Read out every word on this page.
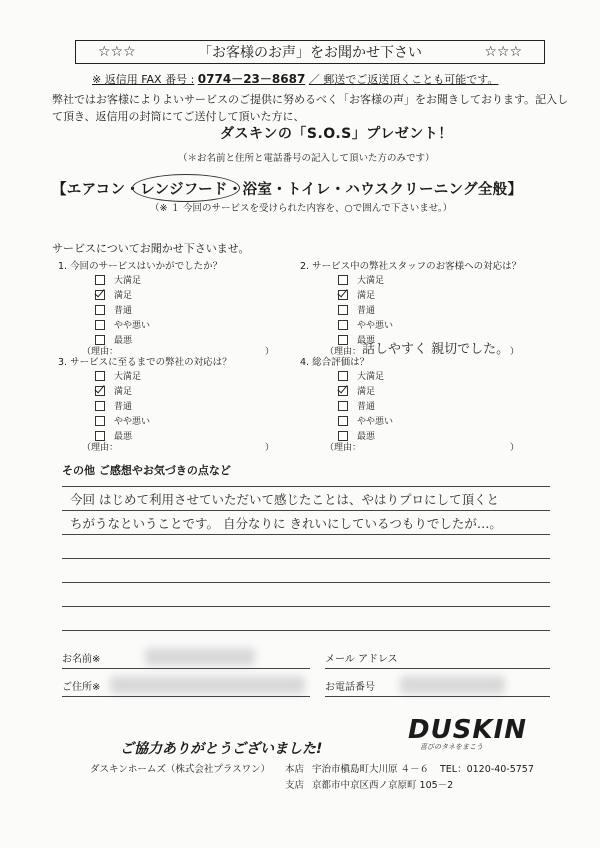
☆☆☆	「お客様のお声」をお聞かせ下さい	☆☆☆
※ 返信用 FAX 番号 : 0774－23－8687 ／ 郵送でご返送頂くことも可能です。
弊社ではお客様によりよいサービスのご提供に努めるべく「お客様の声」をお聞きしております。記入して頂き、返信用の封筒にてご送付して頂いた方に、
ダスキンの「S.O.S」プレゼント！
（＊お名前と住所と電話番号の記入して頂いた方のみです）
【エアコン・レンジフード・浴室・トイレ・ハウスクリーニング全般】
（※ １ 今回のサービスを受けられた内容を、○で囲んで下さいませ。）
サービスについてお聞かせ下さいませ。
1. 今回のサービスはいかがでしたか？
大満足
満足
普通
やや悪い
最悪
（理由：	）
2. サービス中の弊社スタッフのお客様への対応は？
大満足
満足
普通
やや悪い
最悪
（理由：	）
話しやすく 親切でした。
3. サービスに至るまでの弊社の対応は？
大満足
満足
普通
やや悪い
最悪
（理由：	）
4. 総合評価は？
大満足
満足
普通
やや悪い
最悪
（理由：	）
その他 ご感想やお気づきの点など
今回 はじめて利用させていただいて感じたことは、やはりプロにして頂くと
ちがうなということです。 自分なりに きれいにしているつもりでしたが…。
お名前※	メール アドレス
ご住所※	お電話番号
ご協力ありがとうございました!
DUSKIN
喜びのタネをまこう
ダスキンホームズ（株式会社プラスワン） 本店 宇治市槇島町大川原 ４－６ TEL：0120-40-5757
支店 京都市中京区西ノ京原町 105－2
